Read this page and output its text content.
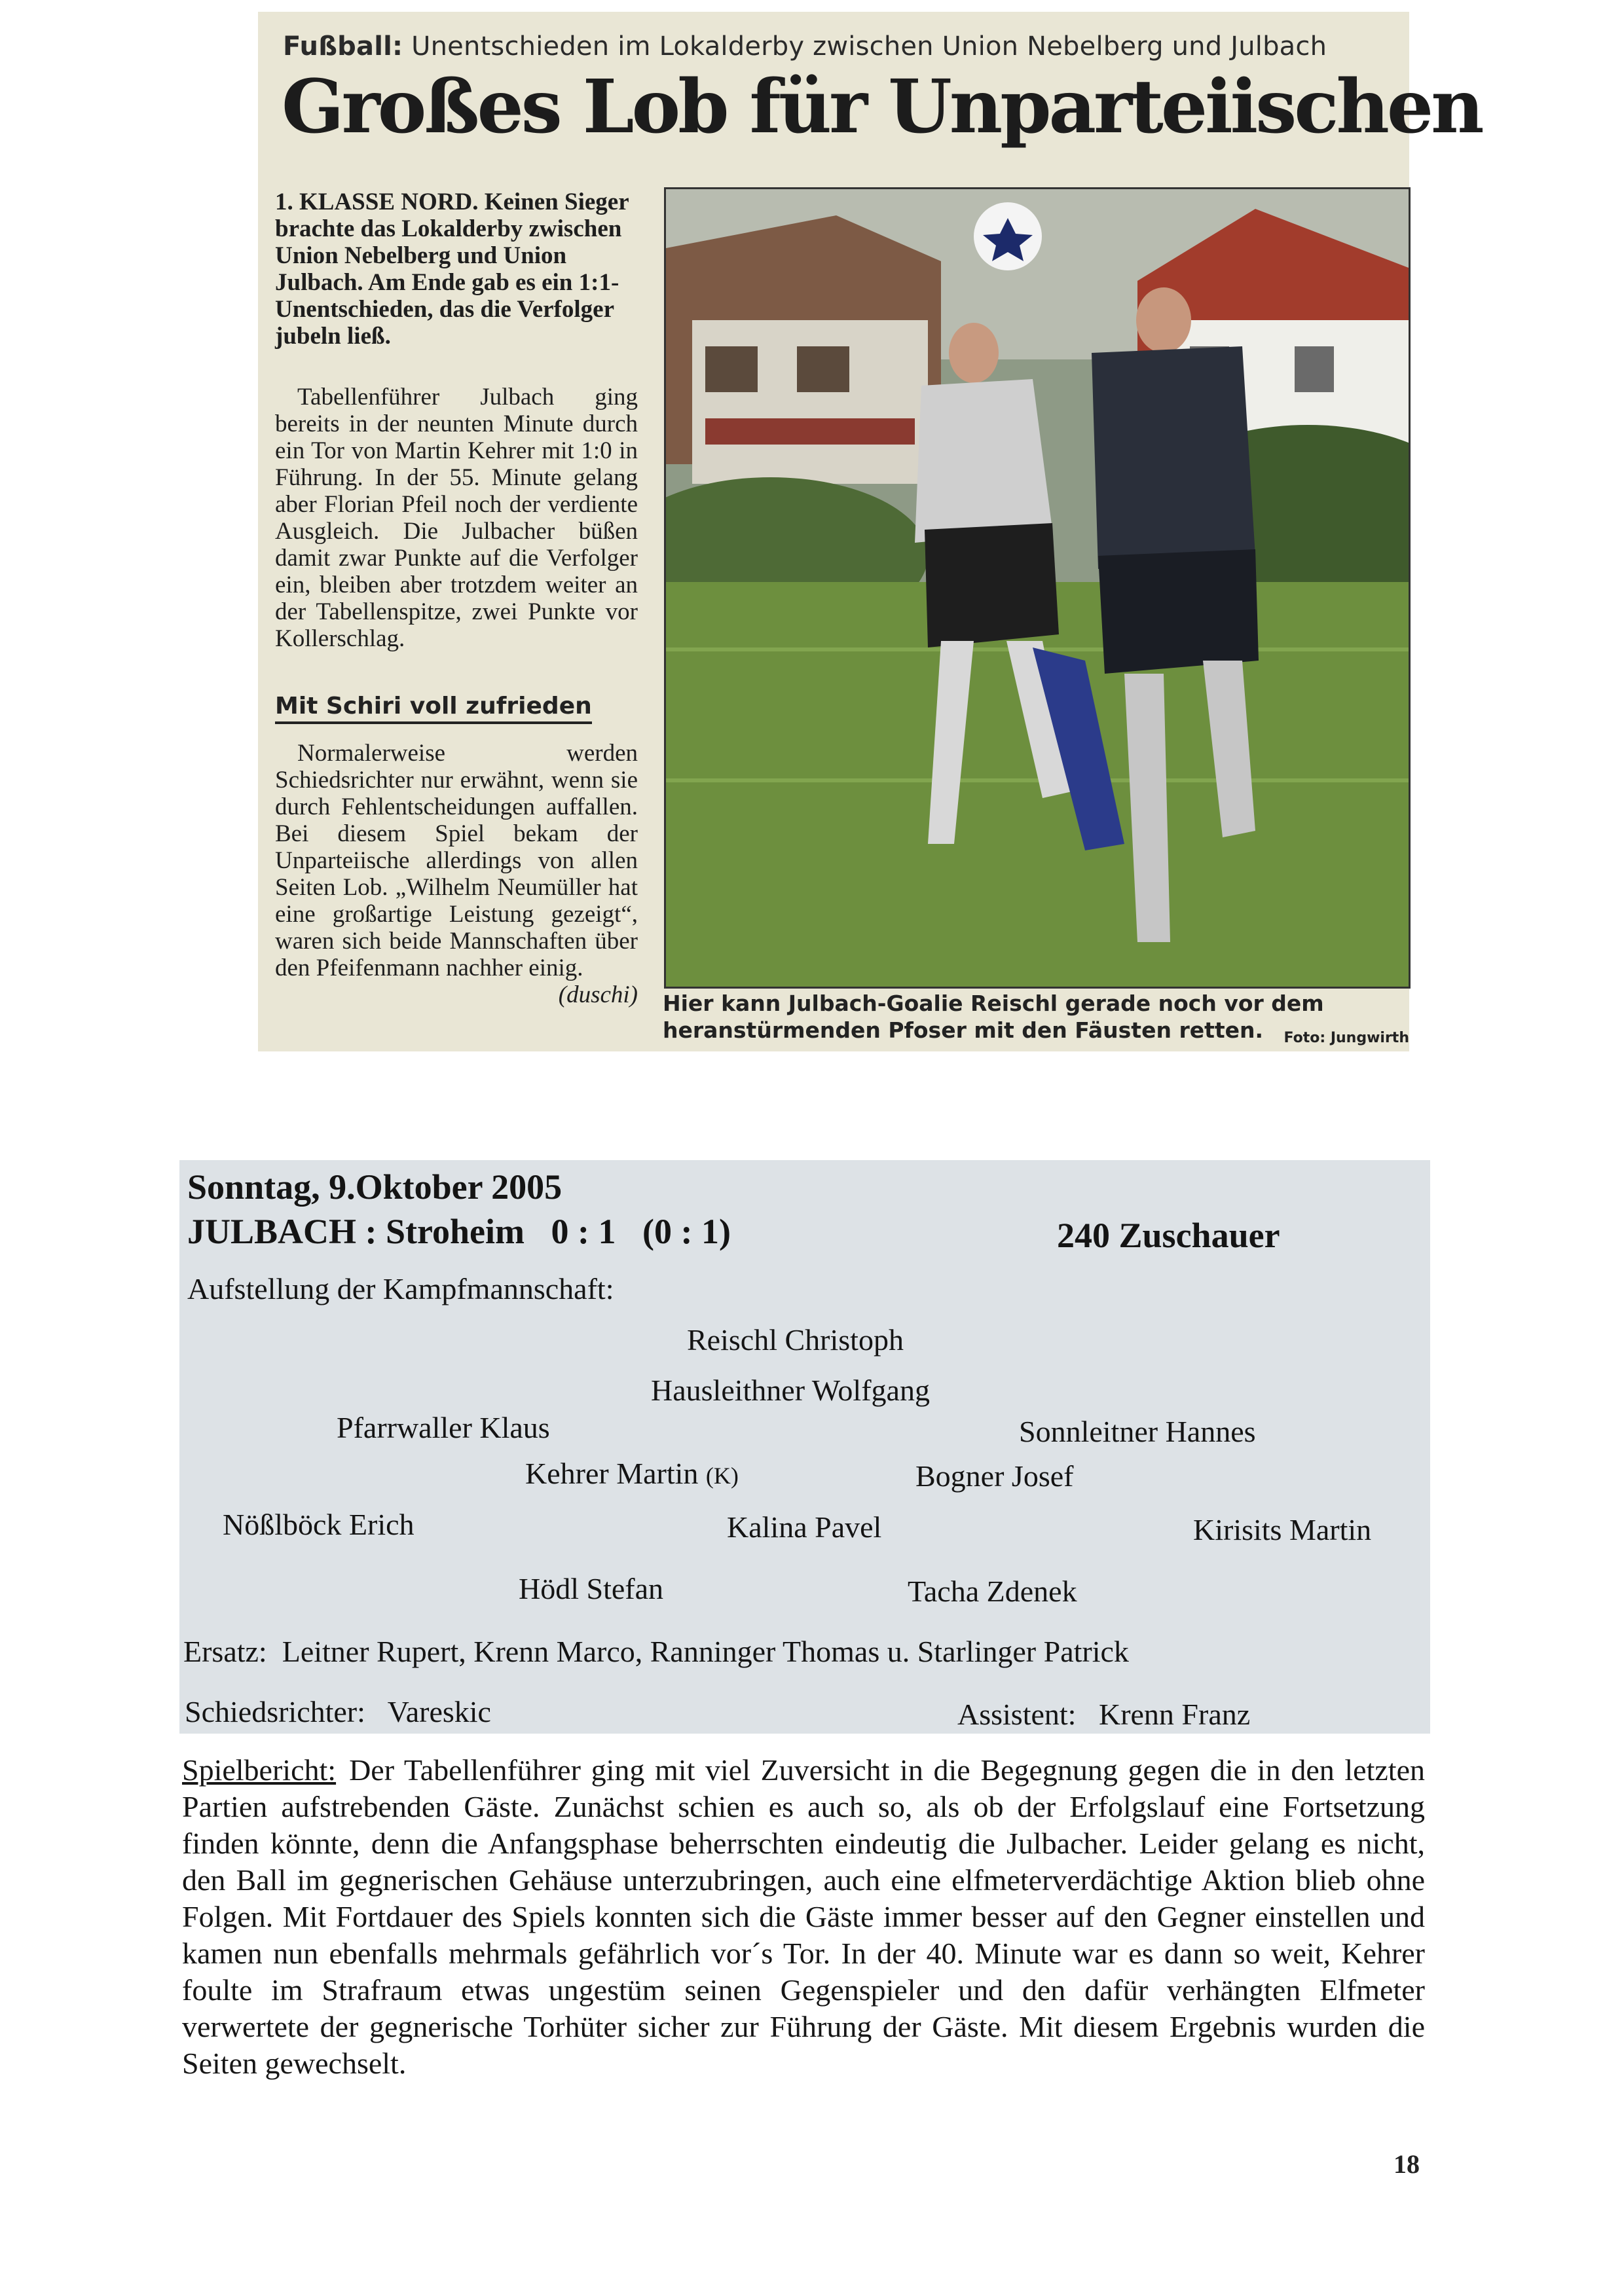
Fußball: Unentschieden im Lokalderby zwischen Union Nebelberg und Julbach
Großes Lob für Unparteiischen
1. KLASSE NORD. Keinen Sieger brachte das Lokalderby zwischen Union Nebelberg und Union Julbach. Am Ende gab es ein 1:1-Unentschieden, das die Verfolger jubeln ließ.
Tabellenführer Julbach ging bereits in der neunten Minute durch ein Tor von Martin Kehrer mit 1:0 in Führung. In der 55. Minute gelang aber Florian Pfeil noch der verdiente Ausgleich. Die Julbacher büßen damit zwar Punkte auf die Verfolger ein, bleiben aber trotzdem weiter an der Tabellenspitze, zwei Punkte vor Kollerschlag.
Mit Schiri voll zufrieden
Normalerweise werden Schiedsrichter nur erwähnt, wenn sie durch Fehlentscheidungen auffallen. Bei diesem Spiel bekam der Unparteiische allerdings von allen Seiten Lob. „Wilhelm Neumüller hat eine großartige Leistung gezeigt“, waren sich beide Mannschaften über den Pfeifenmann nachher einig.
(duschi) Hier kann Julbach-Goalie Reischl gerade noch vor dem heranstürmenden Pfoser mit den Fäusten retten. Foto: Jungwirth
Sonntag, 9.Oktober 2005
JULBACH : Stroheim 0 : 1 (0 : 1)	240 Zuschauer
Aufstellung der Kampfmannschaft:
Reischl Christoph
Hausleithner Wolfgang
Pfarrwaller Klaus	Sonnleitner Hannes
Kehrer Martin (K)	Bogner Josef
Nößlböck Erich	Kalina Pavel	Kirisits Martin
Hödl Stefan	Tacha Zdenek
Ersatz: Leitner Rupert, Krenn Marco, Ranninger Thomas u. Starlinger Patrick
Schiedsrichter: Vareskic	Assistent: Krenn Franz
Spielbericht: Der Tabellenführer ging mit viel Zuversicht in die Begegnung gegen die in den letzten Partien aufstrebenden Gäste. Zunächst schien es auch so, als ob der Erfolgslauf eine Fortsetzung finden könnte, denn die Anfangsphase beherrschten eindeutig die Julbacher. Leider gelang es nicht, den Ball im gegnerischen Gehäuse unterzubringen, auch eine elfmeterverdächtige Aktion blieb ohne Folgen. Mit Fortdauer des Spiels konnten sich die Gäste immer besser auf den Gegner einstellen und kamen nun ebenfalls mehrmals gefährlich vor´s Tor. In der 40. Minute war es dann so weit, Kehrer foulte im Strafraum etwas ungestüm seinen Gegenspieler und den dafür verhängten Elfmeter verwertete der gegnerische Torhüter sicher zur Führung der Gäste. Mit diesem Ergebnis wurden die Seiten gewechselt.
18
